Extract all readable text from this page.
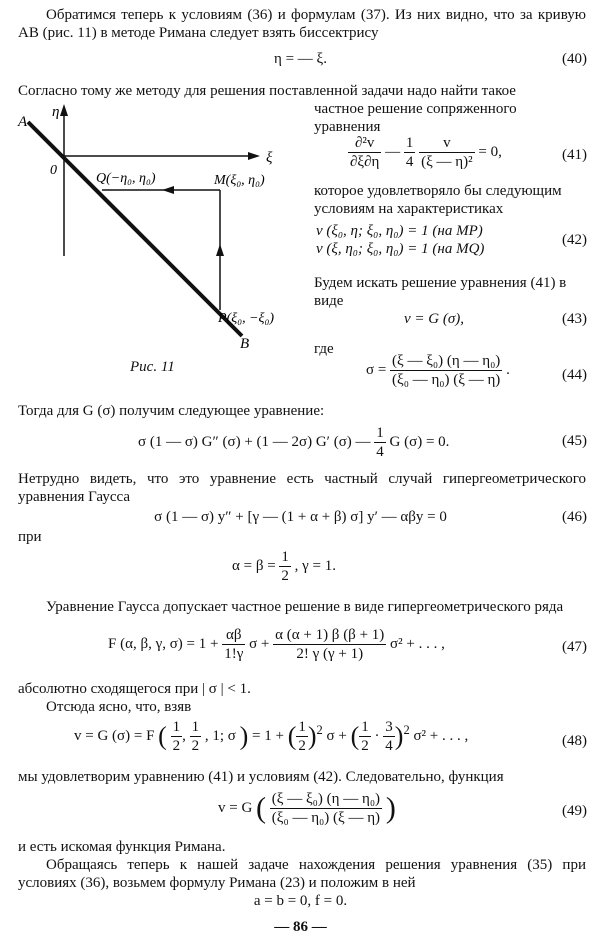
Обратимся теперь к условиям (36) и формулам (37). Из них видно, что за кривую AB (рис. 11) в методе Римана следует взять биссектрису
η = — ξ.	(40)
Согласно тому же методу для решения поставленной задачи надо найти такое
η
ξ
0
A
B
Q(−η₀, η₀)	M(ξ₀, η₀)
P(ξ₀, −ξ₀)
Рис. 11
частное решение сопряженного уравнения
$\frac{\text{∂²v}}{\partial\xi\partial\eta}$ — $\frac{1}{4}$
$\frac{v}{\text{(ξ — η)²}} = 0$,	(41)
которое удовлетворяло бы следующим условиям на характеристиках
v (ξ₀, η; ξ₀, η₀) = 1 (на MP)
v (ξ, η₀; ξ₀, η₀) = 1 (на MQ)
(42)
Будем искать решение уравнения (41) в виде
v = G (σ),	(43)
где
$\sigma = \frac{\text{(ξ — ξ₀) (η — η₀)}}{\text{(ξ₀ — η₀) (ξ — η)}}$ .	(44)
Тогда для G (σ) получим следующее уравнение:
σ (1 — σ) G″ (σ) + (1 — 2σ) G′ (σ) — $\frac{1}{4}$ G (σ) = 0.	(45)
Нетрудно видеть, что это уравнение есть частный случай гипергеометрического уравнения Гаусса
σ (1 — σ) y″ + [γ — (1 + α + β) σ] y′ — αβy = 0	(46)
при
$\alpha = \beta = \frac{1}{2}$ , γ = 1.
Уравнение Гаусса допускает частное решение в виде гипергеометрического ряда
F (α, β, γ, $\sigma) = 1 + \frac{\alpha\beta}{1!\gamma}$ $\sigma + \frac{\alpha (\alpha + 1) \beta (\beta + 1)}{2! \gamma (\gamma + 1)} \sigma^2$ + . . . ,	(47)
абсолютно сходящегося при | σ | < 1.
Отсюда ясно, что, взяв
v = G (σ) = F ( $\frac{1}{2}$ , $\frac{1}{2}$ , 1; σ ) = 1 + ( $\frac{1}{2} )^2$ σ + ( $\frac{1}{2} \cdot \frac{3}{4} )^2$ σ² + . . . ,	(48)
мы удовлетворим уравнению (41) и условиям (42). Следовательно, функция
v = G ( $\frac{\text{(ξ — ξ₀) (η — η₀)}}{\text{(ξ₀ — η₀) (ξ — η)}}$ )	(49)
и есть искомая функция Римана.
Обращаясь теперь к нашей задаче нахождения решения уравнения (35) при условиях (36), возьмем формулу Римана (23) и положим в ней
a = b = 0, f = 0.
— 86 —
